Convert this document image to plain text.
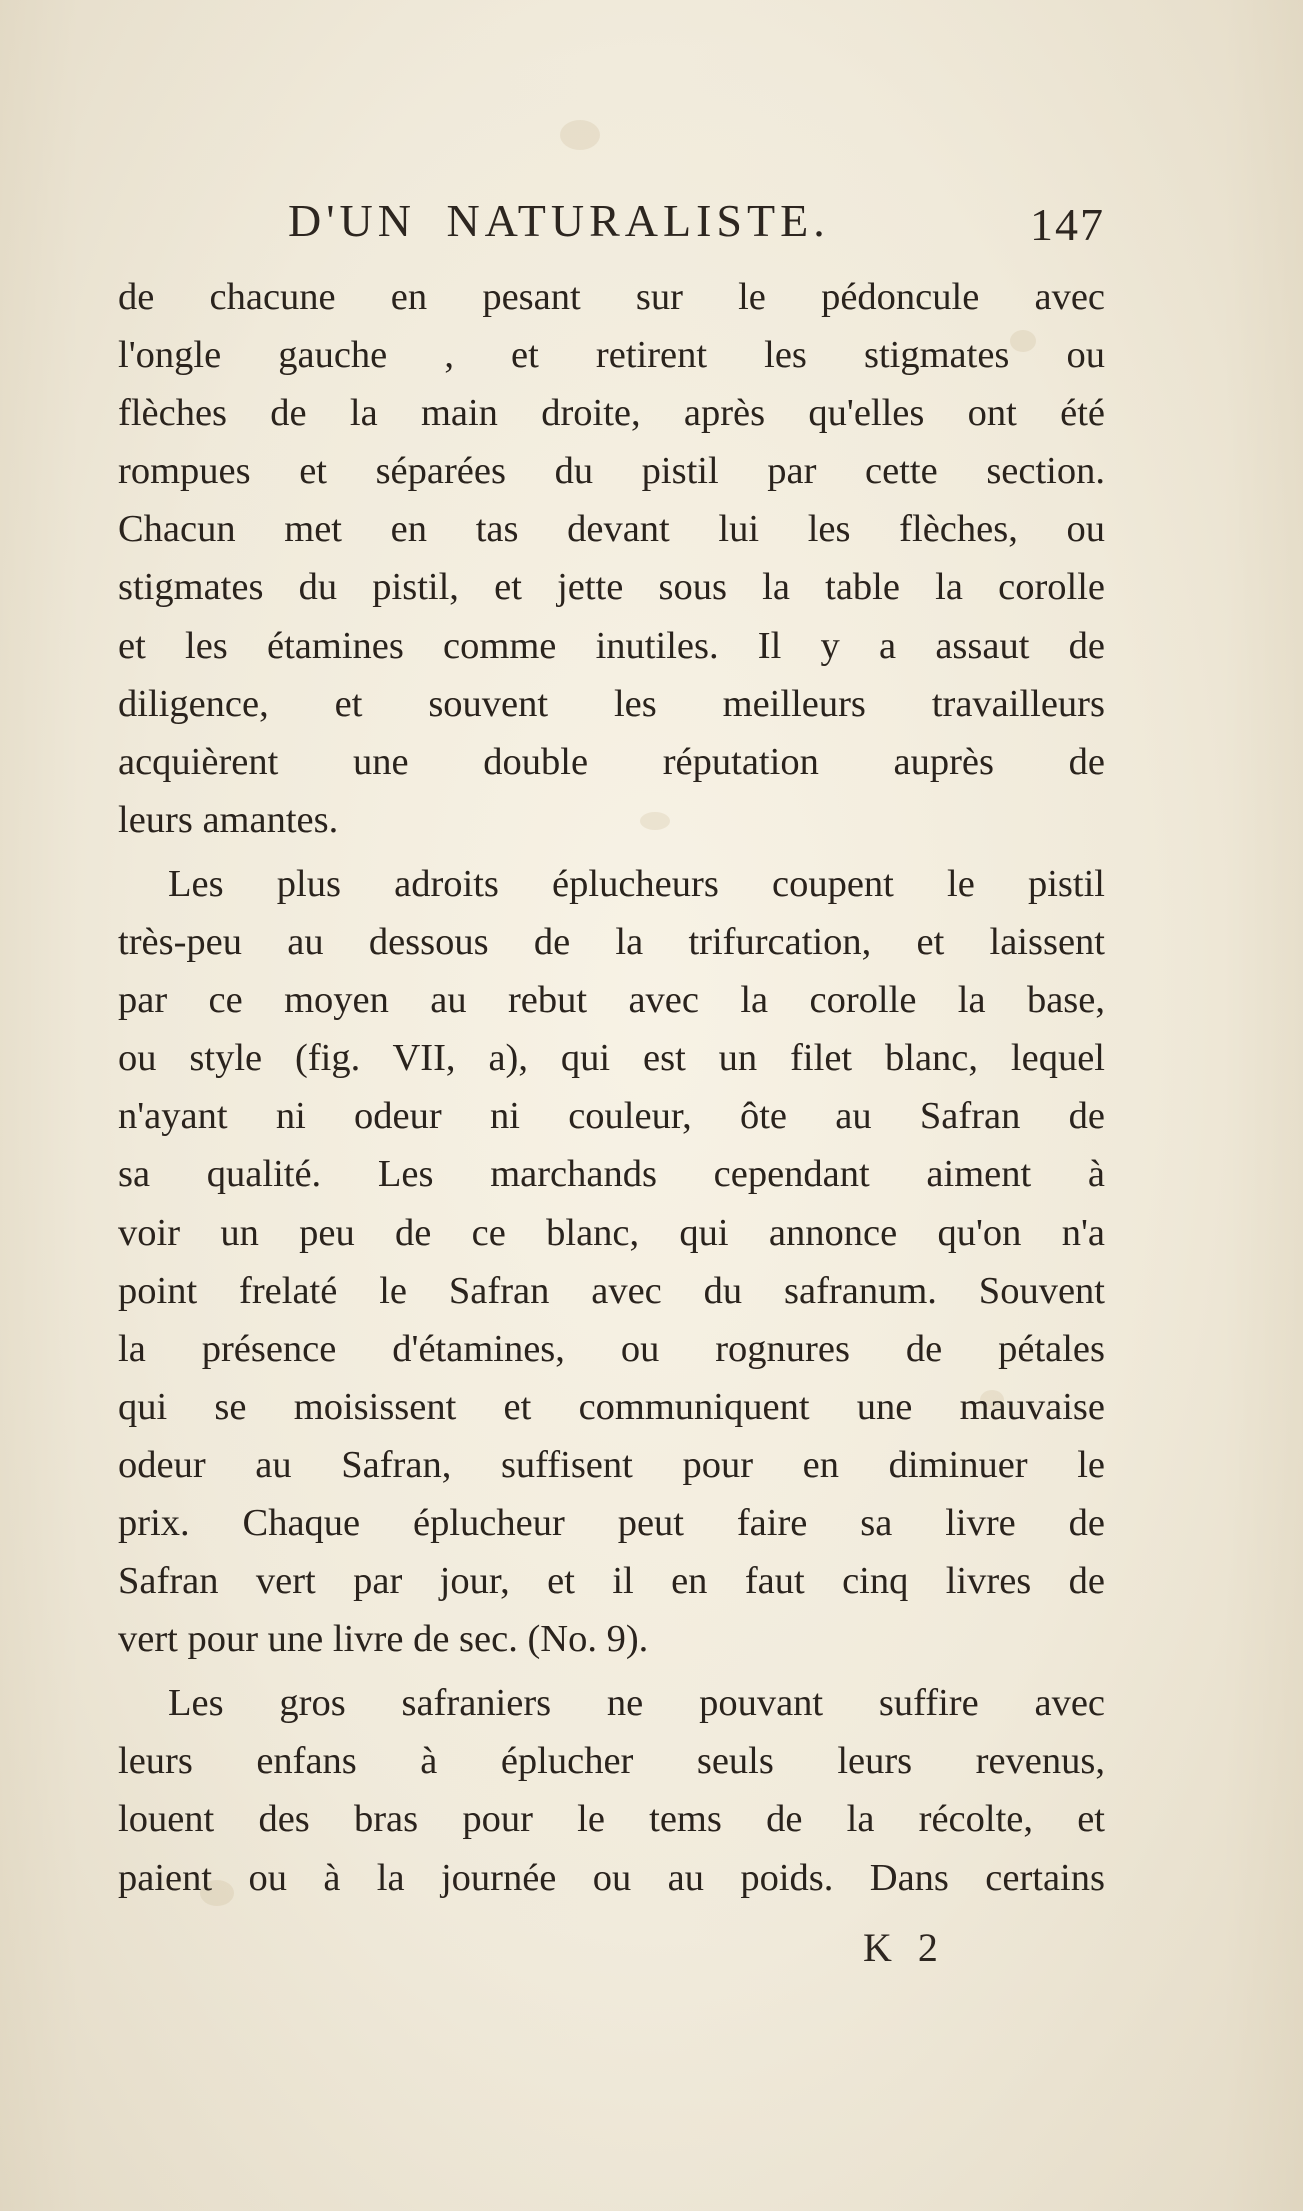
D'UN NATURALISTE.	147
de chacune en pesant sur le pédoncule avec
l'ongle gauche , et retirent les stigmates ou
flèches de la main droite, après qu'elles ont été
rompues et séparées du pistil par cette section.
Chacun met en tas devant lui les flèches, ou
stigmates du pistil, et jette sous la table la corolle
et les étamines comme inutiles. Il y a assaut de
diligence, et souvent les meilleurs travailleurs
acquièrent une double réputation auprès de
leurs amantes.
Les plus adroits éplucheurs coupent le pistil
très-peu au dessous de la trifurcation, et laissent
par ce moyen au rebut avec la corolle la base,
ou style (fig. VII, a), qui est un filet blanc, lequel
n'ayant ni odeur ni couleur, ôte au Safran de
sa qualité. Les marchands cependant aiment à
voir un peu de ce blanc, qui annonce qu'on n'a
point frelaté le Safran avec du safranum. Souvent
la présence d'étamines, ou rognures de pétales
qui se moisissent et communiquent une mauvaise
odeur au Safran, suffisent pour en diminuer le
prix. Chaque éplucheur peut faire sa livre de
Safran vert par jour, et il en faut cinq livres de
vert pour une livre de sec. (No. 9).
Les gros safraniers ne pouvant suffire avec
leurs enfans à éplucher seuls leurs revenus,
louent des bras pour le tems de la récolte, et
paient ou à la journée ou au poids. Dans certains
K 2
